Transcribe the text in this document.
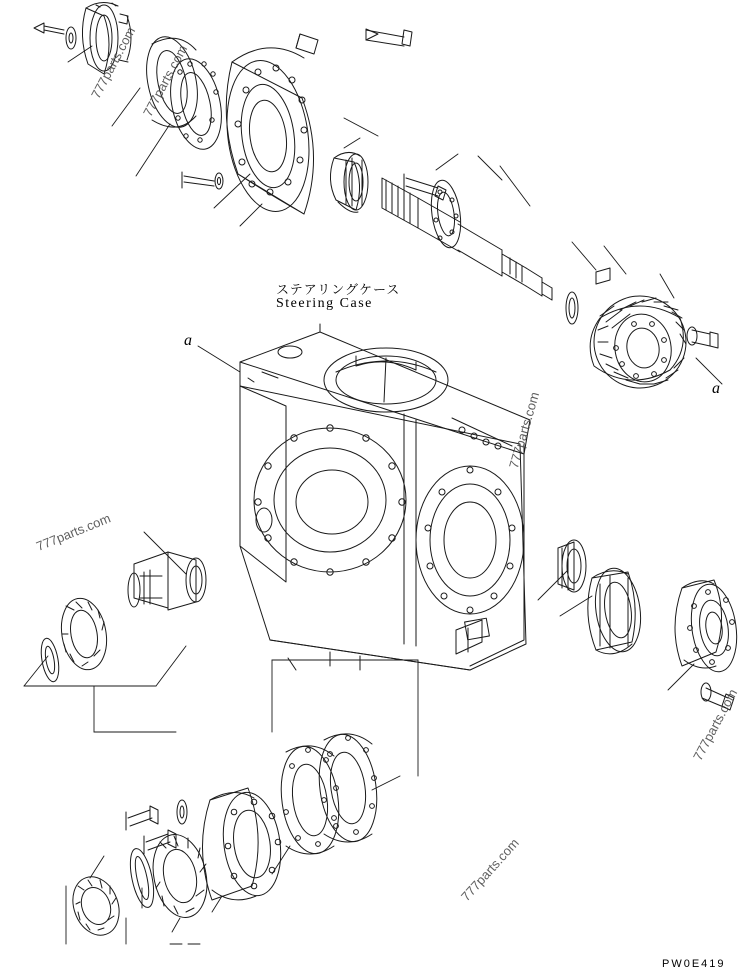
ステアリングケース
Steering Case
a
a
PW0E419
777parts.com 777parts.com
777parts.com
777parts.com
777parts.com
777parts.com
